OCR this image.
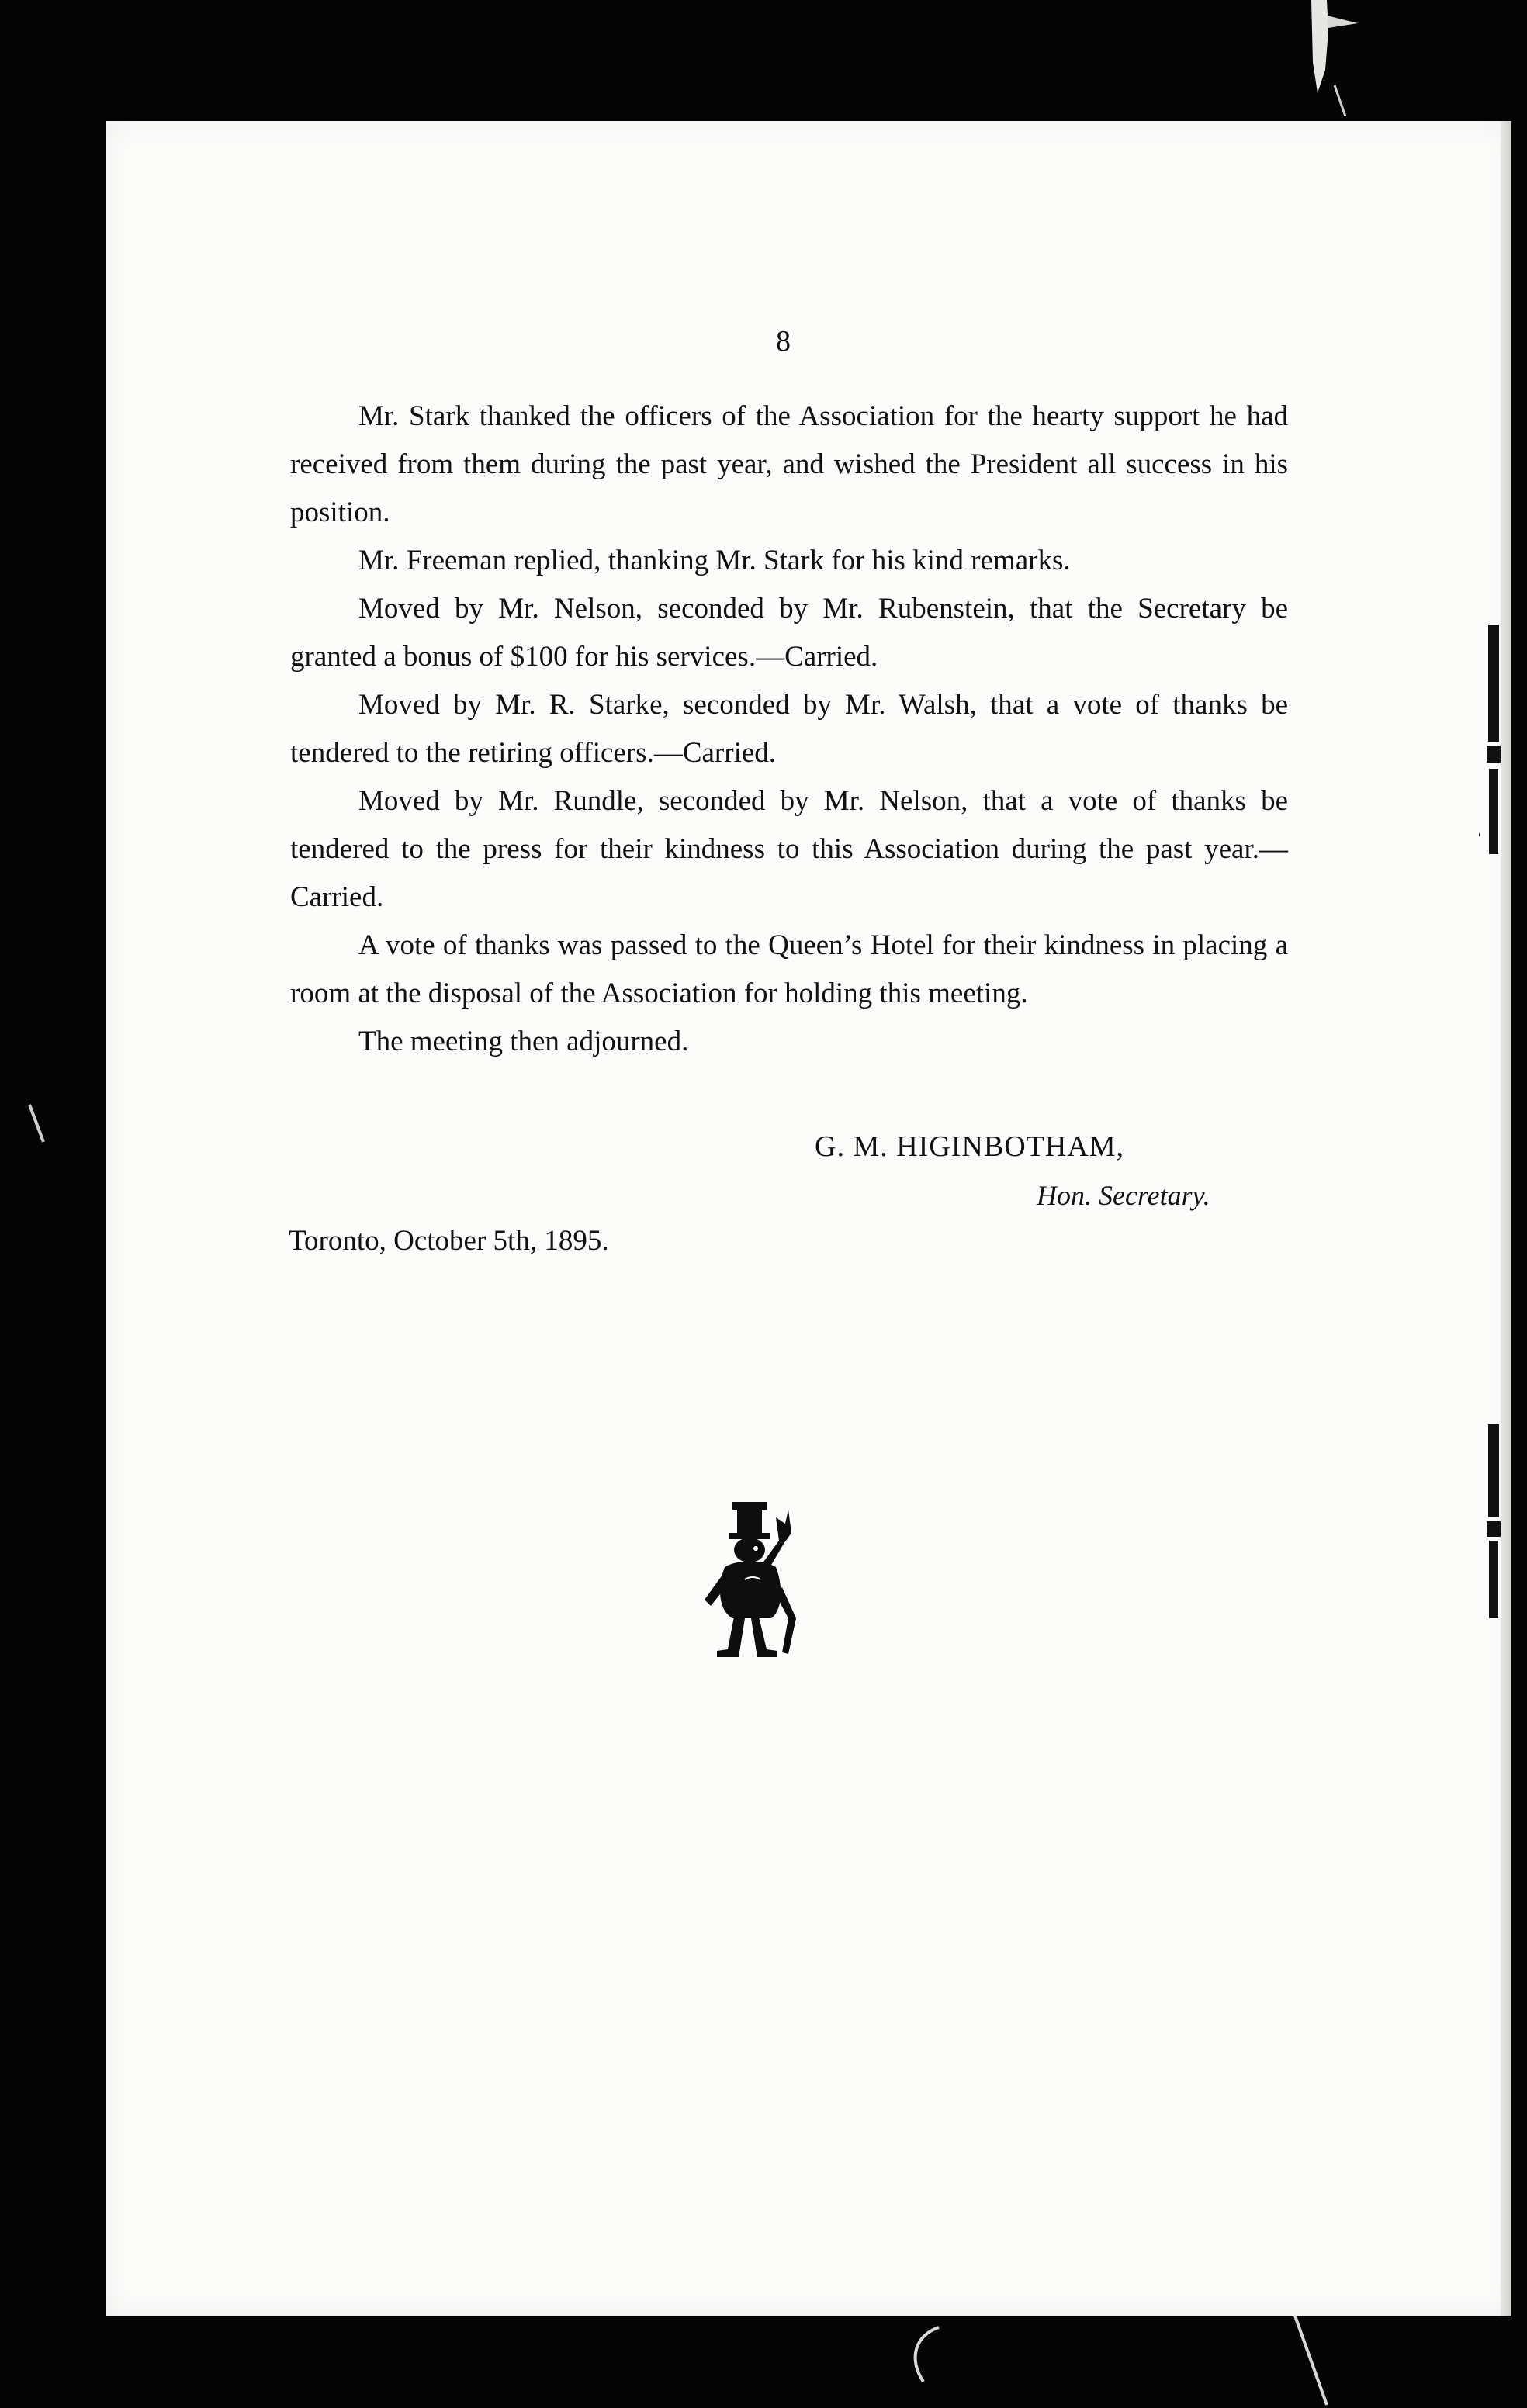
8

Mr. Stark thanked the officers of the Association for the hearty support he had received from them during the past year, and wished the President all success in his position.

Mr. Freeman replied, thanking Mr. Stark for his kind remarks.

Moved by Mr. Nelson, seconded by Mr. Rubenstein, that the Secretary be granted a bonus of $100 for his services.—Carried.

Moved by Mr. R. Starke, seconded by Mr. Walsh, that a vote of thanks be tendered to the retiring officers.—Carried.

Moved by Mr. Rundle, seconded by Mr. Nelson, that a vote of thanks be tendered to the press for their kindness to this Association during the past year.—Carried.

A vote of thanks was passed to the Queen’s Hotel for their kindness in placing a room at the disposal of the Association for holding this meeting.

The meeting then adjourned.

G. M. HIGINBOTHAM,
Hon. Secretary.
Toronto, October 5th, 1895.
